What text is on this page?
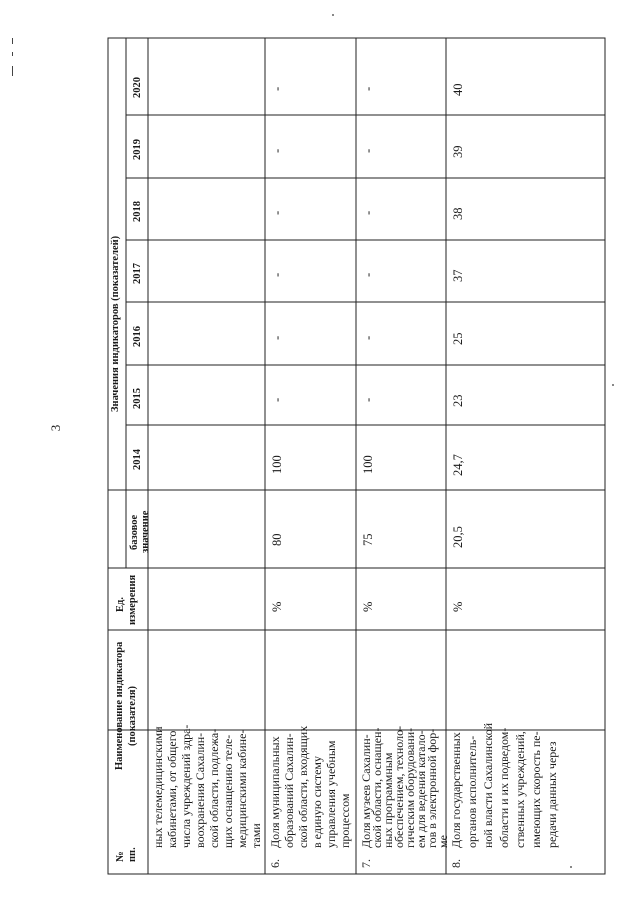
3
№ пп.
Наименование индикатора (показателя)
Ед. измерения
Значения индикаторов (показателей)
базовое значение
2014
2015
2016
2017
2018
2019
2020
ных телемедицинскими кабинетами, от общего числа учреждений здра- воохранения Сахалин- ской области, подлежа- щих оснащению теле- медицинскими кабине- тами
6.
Доля муниципальных образований Сахалин- ской области, входящих в единую систему управления учебным процессом
%
80
100
-
-
-
-
-
-
7.
Доля музеев Сахалин-
ской области, оснащен-
ных программным
обеспечением, техноло-
гическим оборудовани-
ем для ведения катало-
гов в электронной фор-
ме
%
75
100
-
-
-
-
-
-
8.
Доля государственных органов исполнитель- ной власти Сахалинской области и их подведом- ственных учреждений, имеющих скорость пе- редачи данных через
%
20,5
24,7
23
25
37
38
39
40
